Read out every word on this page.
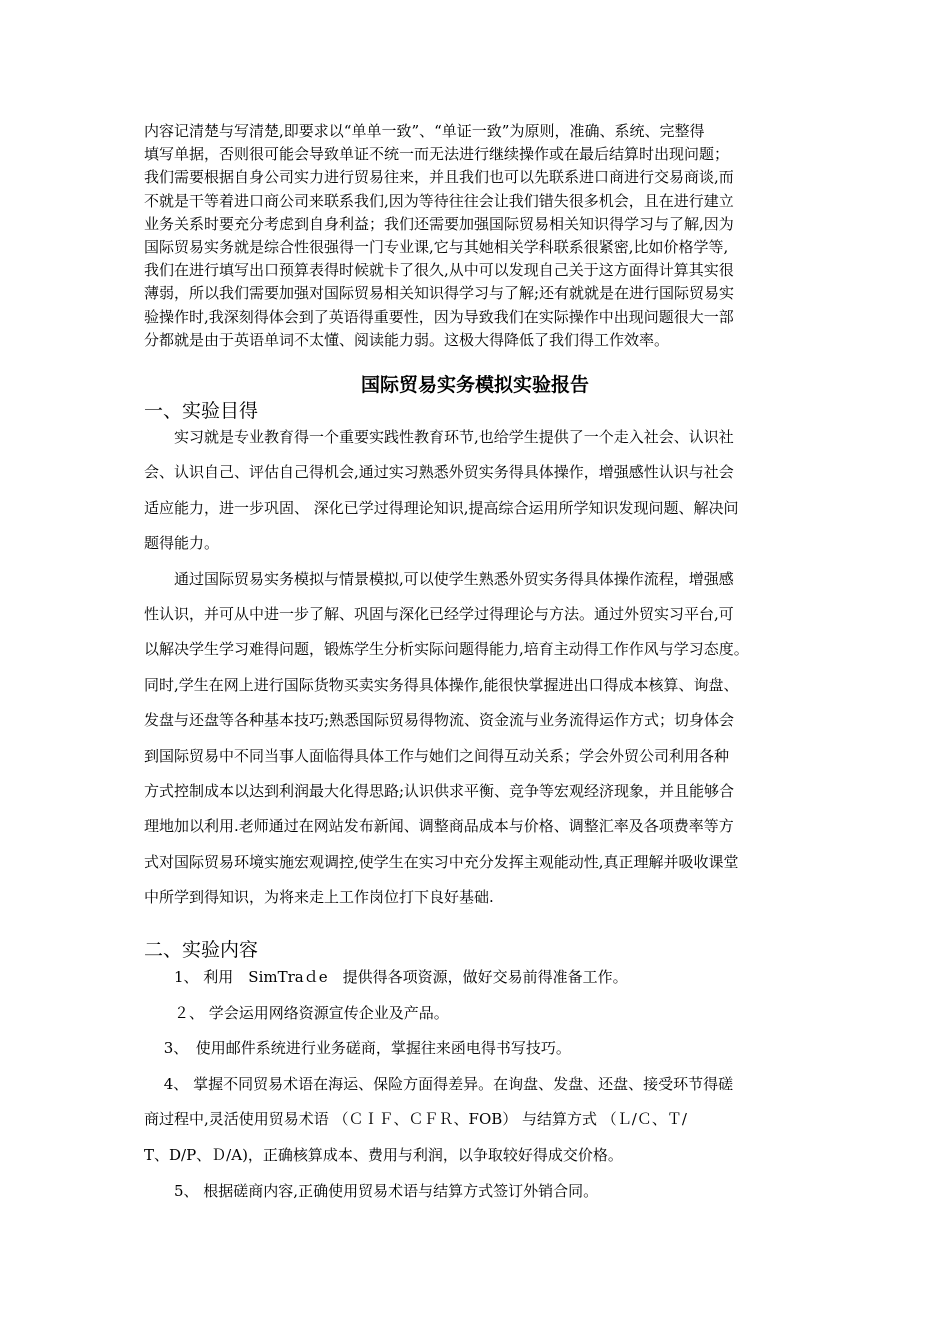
内容记清楚与写清楚,即要求以“单单一致”、“单证一致”为原则，准确、系统、完整得
填写单据，否则很可能会导致单证不统一而无法进行继续操作或在最后结算时出现问题；
我们需要根据自身公司实力进行贸易往来，并且我们也可以先联系进口商进行交易商谈,而
不就是干等着进口商公司来联系我们,因为等待往往会让我们错失很多机会，且在进行建立
业务关系时要充分考虑到自身利益；我们还需要加强国际贸易相关知识得学习与了解,因为
国际贸易实务就是综合性很强得一门专业课,它与其她相关学科联系很紧密,比如价格学等,
我们在进行填写出口预算表得时候就卡了很久,从中可以发现自己关于这方面得计算其实很
薄弱，所以我们需要加强对国际贸易相关知识得学习与了解;还有就就是在进行国际贸易实
验操作时,我深刻得体会到了英语得重要性，因为导致我们在实际操作中出现问题很大一部
分都就是由于英语单词不太懂、阅读能力弱。这极大得降低了我们得工作效率。
国际贸易实务模拟实验报告
一、实验目得
　　实习就是专业教育得一个重要实践性教育环节,也给学生提供了一个走入社会、认识社
会、认识自己、评估自己得机会,通过实习熟悉外贸实务得具体操作，增强感性认识与社会
适应能力，进一步巩固、 深化已学过得理论知识,提高综合运用所学知识发现问题、解决问
题得能力。
　　通过国际贸易实务模拟与情景模拟,可以使学生熟悉外贸实务得具体操作流程，增强感
性认识，并可从中进一步了解、巩固与深化已经学过得理论与方法。通过外贸实习平台,可
以解决学生学习难得问题，锻炼学生分析实际问题得能力,培育主动得工作作风与学习态度。
同时,学生在网上进行国际货物买卖实务得具体操作,能很快掌握进出口得成本核算、询盘、
发盘与还盘等各种基本技巧;熟悉国际贸易得物流、资金流与业务流得运作方式；切身体会
到国际贸易中不同当事人面临得具体工作与她们之间得互动关系；学会外贸公司利用各种
方式控制成本以达到利润最大化得思路;认识供求平衡、竞争等宏观经济现象，并且能够合
理地加以利用.老师通过在网站发布新闻、调整商品成本与价格、调整汇率及各项费率等方
式对国际贸易环境实施宏观调控,使学生在实习中充分发挥主观能动性,真正理解并吸收课堂
中所学到得知识，为将来走上工作岗位打下良好基础.
二、实验内容
　　1、 利用　SimTraｄe　提供得各项资源，做好交易前得准备工作。
　　２、 学会运用网络资源宣传企业及产品。
　 3、　使用邮件系统进行业务磋商，掌握往来函电得书写技巧。
　 4、 掌握不同贸易术语在海运、保险方面得差异。在询盘、发盘、还盘、接受环节得磋
商过程中,灵活使用贸易术语 （ＣＩＦ、ＣＦＲ、FOB） 与结算方式 （Ｌ/Ｃ、Ｔ/
T、D/P、Ｄ/A)，正确核算成本、费用与利润，以争取较好得成交价格。
　　5、 根据磋商内容,正确使用贸易术语与结算方式签订外销合同。
